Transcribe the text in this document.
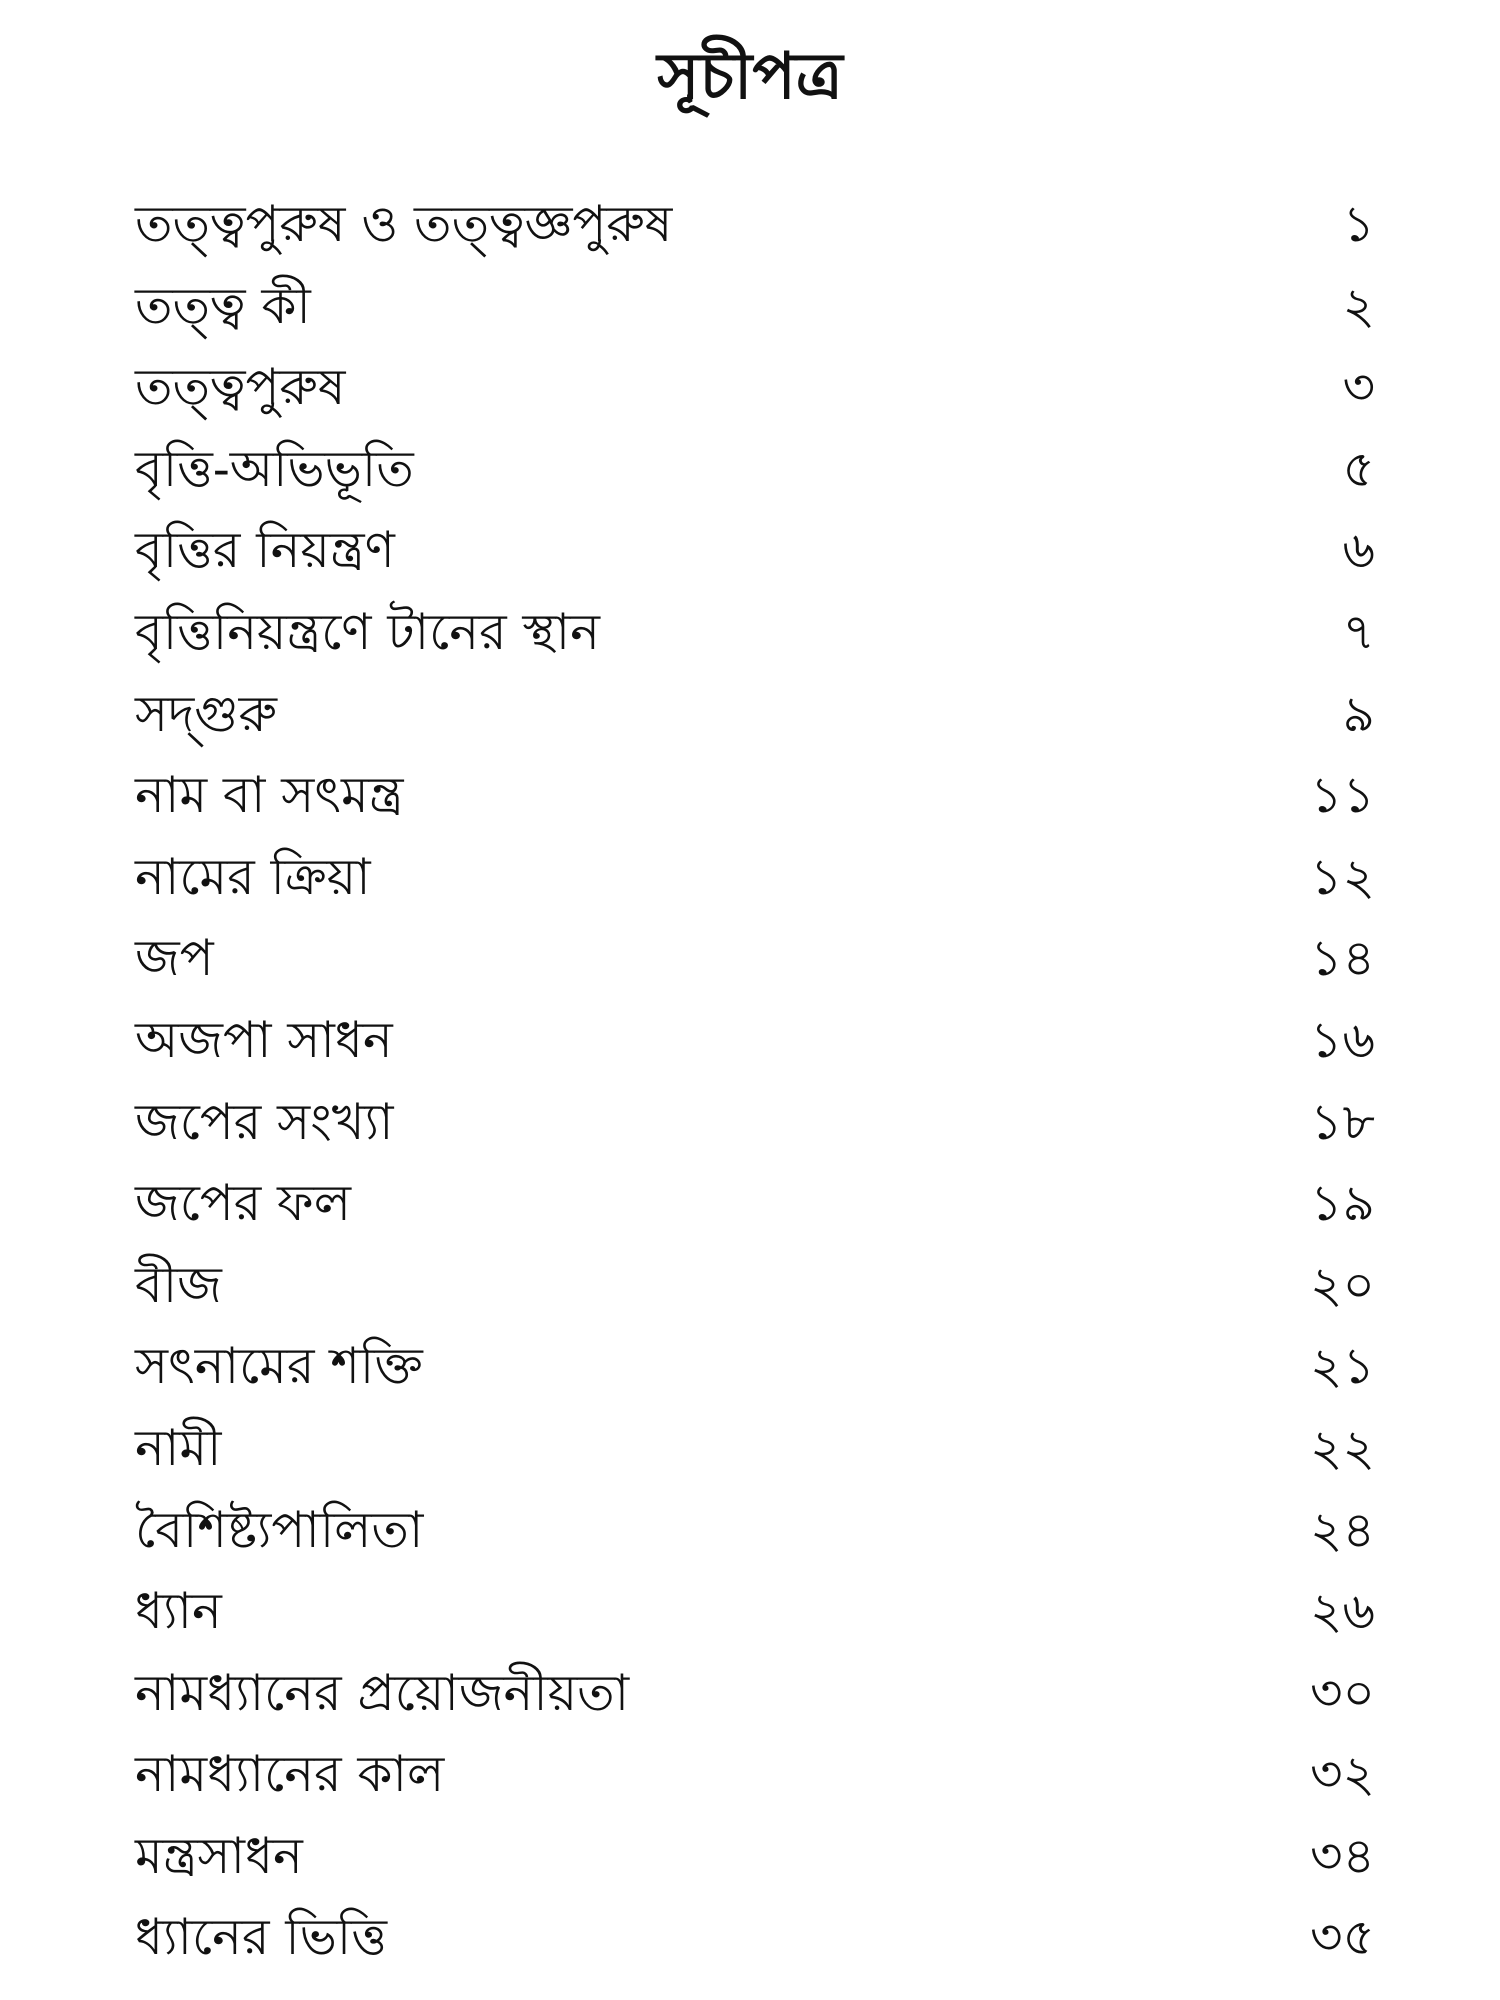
সূচীপত্র
তত্ত্বপুরুষ ও তত্ত্বজ্ঞপুরুষ	১
তত্ত্ব কী	২
তত্ত্বপুরুষ	৩
বৃত্তি-অভিভূতি	৫
বৃত্তির নিয়ন্ত্রণ	৬
বৃত্তিনিয়ন্ত্রণে টানের স্থান	৭
সদ্‌গুরু	৯
নাম বা সৎমন্ত্র	১১
নামের ক্রিয়া	১২
জপ	১৪
অজপা সাধন	১৬
জপের সংখ্যা	১৮
জপের ফল	১৯
বীজ	২০
সৎনামের শক্তি	২১
নামী	২২
বৈশিষ্ট্যপালিতা	২৪
ধ্যান	২৬
নামধ্যানের প্রয়োজনীয়তা	৩০
নামধ্যানের কাল	৩২
মন্ত্রসাধন	৩৪
ধ্যানের ভিত্তি	৩৫
